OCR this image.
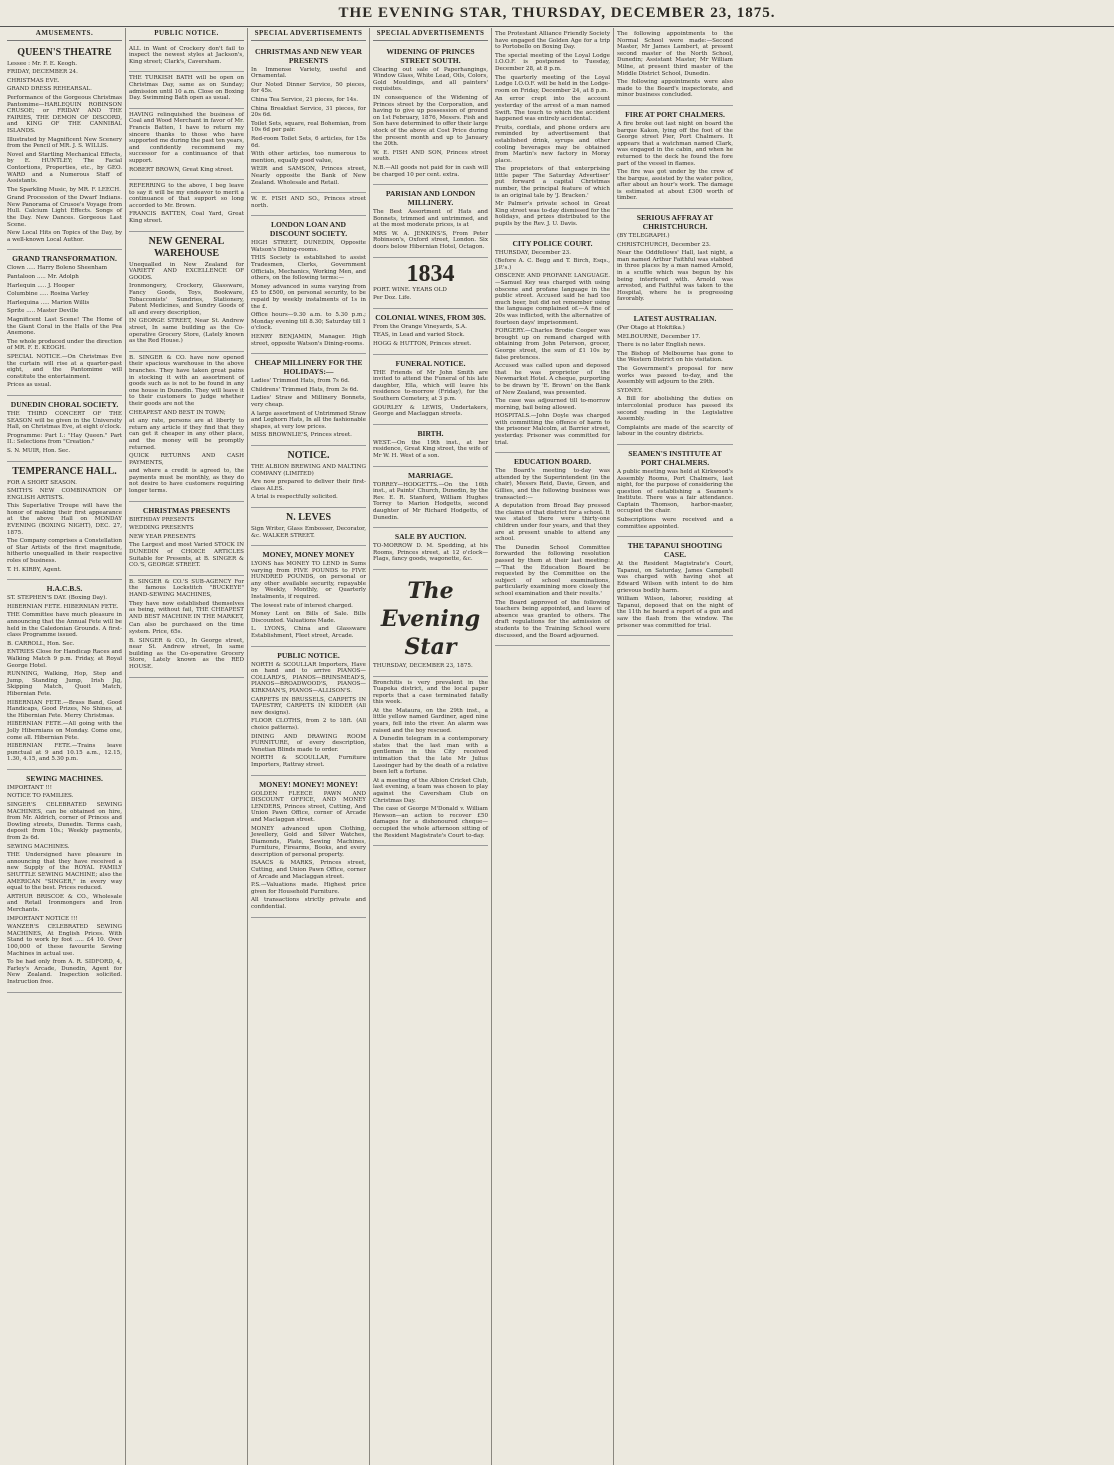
THE EVENING STAR, THURSDAY, DECEMBER 23, 1875.
AMUSEMENTS.
QUEEN'S THEATRE

Lessee : Mr. F. E. Keogh.

FRIDAY, DECEMBER 24.

CHRISTMAS EVE.

GRAND DRESS REHEARSAL.

Performance of the Gorgeous Christmas Pantomime—HARLEQUIN ROBINSON CRUSOE; or FRIDAY AND THE FAIRIES, THE DEMON OF DISCORD, and KING OF THE CANNIBAL ISLANDS.

Illustrated by Magnificent New Scenery from the Pencil of MR. J. S. WILLIS.

Novel and Startling Mechanical Effects, by E. HUNTLEY; The Facial Contortions, Properties, etc., by GEO. WARD and a Numerous Staff of Assistants.

The Sparkling Music, by MR. F. LEECH.

Grand Procession of the Dwarf Indians. New Panorama of Crusoe's Voyage from Hull. Calcium Light Effects. Songs of the Day. New Dances. Gorgeous Last Scene.

New Local Hits on Topics of the Day, by a well-known Local Author.

GRAND TRANSFORMATION.

Clown ..... Harry Boleno Sheenham

Pantaloon ..... Mr. Adolph

Harlequin ..... J. Hooper

Columbine ..... Rosina Varley

Harlequina ..... Marion Willis

Sprite ..... Master Deville

Magnificent Last Scene! The Home of the Giant Coral in the Halls of the Pea Anemone.

The whole produced under the direction of MR. F. E. KEOGH.

SPECIAL NOTICE.—On Christmas Eve the curtain will rise at a quarter-past eight, and the Pantomime will constitute the entertainment.

Prices as usual.

DUNEDIN CHORAL SOCIETY.

THE THIRD CONCERT OF THE SEASON will be given in the University Hall, on Christmas Eve, at eight o'clock.

Programme: Part I.: "Hay Queen." Part II.: Selections from "Creation."

S. N. MUIR, Hon. Sec.

TEMPERANCE HALL.

FOR A SHORT SEASON.

SMITH'S NEW COMBINATION OF ENGLISH ARTISTS.

This Superlative Troupe will have the honor of making their first appearance at the above Hall on MONDAY EVENING (BOXING NIGHT), DEC. 27, 1875.

The Company comprises a Constellation of Star Artists of the first magnitude, hitherto unequalled in their respective roles of business.

T. H. KIRBY, Agent.

H.A.C.B.S.

ST. STEPHEN'S DAY. (Boxing Day).

HIBERNIAN FETE. HIBERNIAN FETE.

THE Committee have much pleasure in announcing that the Annual Fete will be held in the Caledonian Grounds. A first-class Programme issued.

B. CARROLL, Hon. Sec.

ENTRIES Close for Handicap Races and Walking Match 9 p.m. Friday, at Royal George Hotel.

RUNNING, Walking, Hop, Step and Jump, Standing Jump, Irish Jig, Skipping Match, Quoit Match, Hibernian Fete.

HIBERNIAN FETE.—Brass Band, Good Handicaps, Good Prizes, No Shines, at the Hibernian Fete. Merry Christmas.

HIBERNIAN FETE.—All going with the Jolly Hibernians on Monday. Come one, come all. Hibernian Fete.

HIBERNIAN FETE.—Trains leave punctual at 9 and 10.15 a.m., 12.15, 1.30, 4.15, and 5.30 p.m.

SEWING MACHINES.

IMPORTANT !!!

NOTICE TO FAMILIES.

SINGER'S CELEBRATED SEWING MACHINES, can be obtained on hire, from Mr. Aldrich, corner of Princes and Dowling streets, Dunedin. Terms cash, deposit from 10s.; Weekly payments, from 2s 6d.

SEWING MACHINES.

THE Undersigned have pleasure in announcing that they have received a new Supply of the ROYAL FAMILY SHUTTLE SEWING MACHINE; also the AMERICAN "SINGER," in every way equal to the best. Prices reduced.

ARTHUR BRISCOE & CO., Wholesale and Retail Ironmongers and Iron Merchants.

IMPORTANT NOTICE !!!

WANZER'S CELEBRATED SEWING MACHINES, At English Prices. With Stand to work by foot ..... £4 10. Over 100,000 of these favourite Sewing Machines in actual use.

To be had only from A. R. SIDFORD, 4, Farley's Arcade, Dunedin, Agent for New Zealand. Inspection solicited. Instruction free.

PUBLIC NOTICE.

ALL in Want of Crockery don't fail to inspect the newest styles at Jackson's, King street; Clark's, Caversham.

THE TURKISH BATH will be open on Christmas Day, same as on Sunday; admission until 10 a.m. Close on Boxing Day. Swimming Bath open as usual.

HAVING relinquished the business of Coal and Wood Merchant in favor of Mr. Francis Batten, I have to return my sincere thanks to those who have supported me during the past ten years, and confidently recommend my successor for a continuance of that support.

ROBERT BROWN, Great King street.

REFERRING to the above, I beg leave to say it will be my endeavor to merit a continuance of that support so long accorded to Mr. Brown.

FRANCIS BATTEN, Coal Yard, Great King street.

NEW GENERAL WAREHOUSE

Unequalled in New Zealand for VARIETY AND EXCELLENCE OF GOODS.

Ironmongery, Crockery, Glassware, Fancy Goods, Toys, Bookware, Tobacconists' Sundries, Stationery, Patent Medicines, and Sundry Goods of all and every description,

IN GEORGE STREET, Near St. Andrew street, In same building as the Co-operative Grocery Store, (Lately known as the Red House.)

B. SINGER & CO. have now opened their spacious warehouse in the above branches. They have taken great pains in stocking it with an assortment of goods such as is not to be found in any one house in Dunedin. They will leave it to their customers to judge whether their goods are not the

CHEAPEST AND BEST IN TOWN;

at any rate, persons are at liberty to return any article if they find that they can get it cheaper in any other place, and the money will be promptly returned.

QUICK RETURNS AND CASH PAYMENTS,

and where a credit is agreed to, the payments must be monthly, as they do not desire to have customers requiring longer terms.

CHRISTMAS PRESENTS

BIRTHDAY PRESENTS

WEDDING PRESENTS

NEW YEAR PRESENTS

The Largest and most Varied STOCK IN DUNEDIN of CHOICE ARTICLES Suitable for Presents, at B. SINGER & CO.'S, GEORGE STREET.

B. SINGER & CO.'S SUB-AGENCY For the famous Lockstitch "BUCKEYE" HAND-SEWING MACHINES,

They have now established themselves as being, without fail, THE CHEAPEST AND BEST MACHINE IN THE MARKET,

Can also be purchased on the time system. Price, 65s.

B. SINGER & CO., In George street, near St. Andrew street, In same building as the Co-operative Grocery Store, Lately known as the RED HOUSE.

SPECIAL ADVERTISEMENTS
CHRISTMAS AND NEW YEAR PRESENTS

In Immense Variety, useful and Ornamental.

Our Noted Dinner Service, 50 pieces, for 45s.

China Tea Service, 21 pieces, for 14s.

China Breakfast Service, 31 pieces, for 20s 6d.

Toilet Sets, square, real Bohemian, from 10s 6d per pair.

Red-room Toilet Sets, 6 articles, for 15s 6d.

With other articles, too numerous to mention, equally good value,

WEIR and SAMSON, Princes street, Nearly opposite the Bank of New Zealand. Wholesale and Retail.

W. E. FISH AND SO., Princes street north.

LONDON LOAN AND DISCOUNT SOCIETY.

HIGH STREET, DUNEDIN, Opposite Watson's Dining-rooms.

THIS Society is established to assist Tradesmen, Clerks, Government Officials, Mechanics, Working Men, and others, on the following terms:—

Money advanced in sums varying from £5 to £500, on personal security, to be repaid by weekly instalments of 1s in the £.

Office hours—9.30 a.m. to 5.30 p.m.; Monday evening till 8.30; Saturday till 1 o'clock.

HENRY BENJAMIN, Manager. High street, opposite Watson's Dining-rooms.

CHEAP MILLINERY FOR THE HOLIDAYS:—

Ladies' Trimmed Hats, from 7s 6d.

Childrens' Trimmed Hats, from 3s 6d.

Ladies' Straw and Millinery Bonnets, very cheap.

A large assortment of Untrimmed Straw and Leghorn Hats, In all the fashionable shapes, at very low prices.

MISS BROWNLIE'S, Princes street.

NOTICE.

THE ALBION BREWING AND MALTING COMPANY (LIMITED)

Are now prepared to deliver their first-class ALES.

A trial is respectfully solicited.

N. LEVES

Sign Writer, Glass Embosser, Decorator, &c. WALKER STREET.

MONEY, MONEY MONEY

LYONS has MONEY TO LEND in Sums varying from FIVE POUNDS to FIVE HUNDRED POUNDS, on personal or any other available security, repayable by Weekly, Monthly, or Quarterly Instalments, if required.

The lowest rate of interest charged.

Money Lent on Bills of Sale. Bills Discounted. Valuations Made.

L. LYONS, China and Glassware Establishment, Fleet street, Arcade.

PUBLIC NOTICE.

NORTH & SCOULLAR Importers, Have on hand and to arrive PIANOS—COLLARD'S, PIANOS—BRINSMEAD'S, PIANOS—BROADWOOD'S, PIANOS—KIRKMAN'S, PIANOS—ALLISON'S.

CARPETS IN BRUSSELS, CARPETS IN TAPESTRY, CARPETS IN KIDDER (All new designs).

FLOOR CLOTHS, from 2 to 18ft. (All choice patterns).

DINING AND DRAWING ROOM FURNITURE, of every description, Venetian Blinds made to order.

NORTH & SCOULLAR, Furniture Importers, Rattray street.

MONEY! MONEY! MONEY!

GOLDEN FLEECE PAWN AND DISCOUNT OFFICE, AND MONEY LENDERS, Princes street, Cutting, And Union Pawn Office, corner of Arcade and Maclaggan street.

MONEY advanced upon Clothing, Jewellery, Gold and Silver Watches, Diamonds, Plate, Sewing Machines, Furniture, Firearms, Books, and every description of personal property.

ISAACS & MARKS, Princes street, Cutting, and Union Pawn Office, corner of Arcade and Maclaggan street.

P.S.—Valuations made. Highest price given for Household Furniture.

All transactions strictly private and confidential.

SPECIAL ADVERTISEMENTS
WIDENING OF PRINCES STREET SOUTH.

Clearing out sale of Paperhangings, Window Glass, White Lead, Oils, Colors, Gold Mouldings, and all painters' requisites.

IN consequence of the Widening of Princes street by the Corporation, and having to give up possession of ground on 1st February, 1876, Messrs. Fish and Son have determined to offer their large stock of the above at Cost Price during the present month and up to January the 20th.

W. E. FISH AND SON, Princes street south.

N.B.—All goods not paid for in cash will be charged 10 per cent. extra.

PARISIAN AND LONDON MILLINERY.

The Best Assortment of Hats and Bonnets, trimmed and untrimmed, and at the most moderate prices, is at

MRS W. A. JENKINS'S, From Peter Robinson's, Oxford street, London. Six doors below Hibernian Hotel, Octagon.

1834

PORT. WINE. YEARS OLD

Per Doz. Life.

COLONIAL WINES, FROM 30S.

From the Orange Vineyards, S.A.

TEAS, in Lead and varied Stock.

HOGG & HUTTON, Princes street.

FUNERAL NOTICE.

THE Friends of Mr John Smith are invited to attend the Funeral of his late daughter, Ella, which will leave his residence to-morrow (Friday), for the Southern Cemetery, at 3 p.m.

GOURLEY & LEWIS, Undertakers, George and Maclaggan streets.

BIRTH.

WEST.—On the 19th inst., at her residence, Great King street, the wife of Mr W. H. West of a son.

MARRIAGE.

TORREY—HODGETTS.—On the 16th inst., at Paints' Church, Dunedin, by the Rev. E. R. Stanford, William Hughes Torrey to Marion Hodgetts, second daughter of Mr Richard Hodgetts, of Dunedin.

SALE BY AUCTION.

TO-MORROW D. M. Spedding, at his Rooms, Princes street, at 12 o'clock—Flags, fancy goods, wagonette, &c.

The Evening Star

THURSDAY, DECEMBER 23, 1875.

Bronchitis is very prevalent in the Tuapeka district, and the local paper reports that a case terminated fatally this week.

At the Mataura, on the 29th inst., a little yellow named Gardiner, aged nine years, fell into the river. An alarm was raised and the boy rescued.

A Dunedin telegram in a contemporary states that the last man with a gentleman in this City received intimation that the late Mr Julius Lassinger had by the death of a relative been left a fortune.

At a meeting of the Albion Cricket Club, last evening, a team was chosen to play against the Caversham Club on Christmas Day.

The case of George M'Donald v. William Hewson—an action to recover £50 damages for a dishonoured cheque—occupied the whole afternoon sitting of the Resident Magistrate's Court to-day.

The Protestant Alliance Friendly Society have engaged the Golden Age for a trip to Portobello on Boxing Day.

The special meeting of the Loyal Lodge I.O.O.F. is postponed to Tuesday, December 28, at 8 p.m.

The quarterly meeting of the Loyal Lodge I.O.O.F. will be held in the Lodge-room on Friday, December 24, at 8 p.m.

An error crept into the account yesterday of the arrest of a man named Swift. The touch to which the accident happened was entirely accidental.

Fruits, cordials, and phone orders are reminded by advertisement that established drink, syrups and other cooling beverages may be obtained from Martin's new factory in Moray place.

The proprietors of that enterprising little paper 'The Saturday Advertiser' put forward a capital Christmas number, the principal feature of which is an original tale by 'J. Bracken.'

Mr Palmer's private school in Great King street was to-day dismissed for the holidays, and prizes distributed to the pupils by the Rev. J. U. Davis.

CITY POLICE COURT.

THURSDAY, December 23.

(Before A. C. Begg and T. Birch, Esqs., J.P.'s.)

OBSCENE AND PROFANE LANGUAGE.—Samuel Key was charged with using obscene and profane language in the public street. Accused said he had too much beer, but did not remember using the language complained of.—A fine of 20s was inflicted, with the alternative of fourteen days' imprisonment.

FORGERY.—Charles Brodie Cooper was brought up on remand charged with obtaining from John Peterson, grocer, George street, the sum of £1 10s by false pretences.

Accused was called upon and deposed that he was proprietor of the Newmarket Hotel. A cheque, purporting to be drawn by 'E. Brown' on the Bank of New Zealand, was presented.

The case was adjourned till to-morrow morning, bail being allowed.

HOSPITALS.—John Doyle was charged with committing the offence of harm to the prisoner Malcolm, at Barrier street, yesterday. Prisoner was committed for trial.

EDUCATION BOARD.

The Board's meeting to-day was attended by the Superintendent (in the chair), Messrs Reid, Davie, Green, and Gillies, and the following business was transacted:—

A deputation from Broad Bay pressed the claims of that district for a school. It was stated there were thirty-one children under four years, and that they are at present unable to attend any school.

The Dunedin School Committee forwarded the following resolution passed by them at their last meeting:—'That the Education Board be requested by the Committee on the subject of school examinations, particularly examining more closely the school examination and their results.'

The Board approved of the following teachers being appointed, and leave of absence was granted to others. The draft regulations for the admission of students to the Training School were discussed, and the Board adjourned.

The following appointments to the Normal School were made:—Second Master, Mr James Lambert, at present second master of the North School, Dunedin; Assistant Master, Mr William Milne, at present third master of the Middle District School, Dunedin.

The following appointments were also made to the Board's inspectorate, and minor business concluded.

FIRE AT PORT CHALMERS.

A fire broke out last night on board the barque Kakon, lying off the foot of the George street Pier, Port Chalmers. It appears that a watchman named Clark, was engaged in the cabin, and when he returned to the deck he found the fore part of the vessel in flames.

The fire was got under by the crew of the barque, assisted by the water police, after about an hour's work. The damage is estimated at about £300 worth of timber.

SERIOUS AFFRAY AT CHRISTCHURCH.

(BY TELEGRAPH.)

CHRISTCHURCH, December 23.

Near the Oddfellows' Hall, last night, a man named Arthur Faithful was stabbed in three places by a man named Arnold, in a scuffle which was begun by his being interfered with. Arnold was arrested, and Faithful was taken to the Hospital, where he is progressing favorably.

LATEST AUSTRALIAN.

(Per Otago at Hokitika.)

MELBOURNE, December 17.

There is no later English news.

The Bishop of Melbourne has gone to the Western District on his visitation.

The Government's proposal for new works was passed to-day, and the Assembly will adjourn to the 29th.

SYDNEY.

A Bill for abolishing the duties on intercolonial produce has passed its second reading in the Legislative Assembly.

Complaints are made of the scarcity of labour in the country districts.

SEAMEN'S INSTITUTE AT PORT CHALMERS.

A public meeting was held at Kirkwood's Assembly Rooms, Port Chalmers, last night, for the purpose of considering the question of establishing a Seamen's Institute. There was a fair attendance. Captain Thomson, harbor-master, occupied the chair.

Subscriptions were received and a committee appointed.

THE TAPANUI SHOOTING CASE.

At the Resident Magistrate's Court, Tapanui, on Saturday, James Campbell was charged with having shot at Edward Wilson with intent to do him grievous bodily harm.

William Wilson, laborer, residing at Tapanui, deposed that on the night of the 11th he heard a report of a gun and saw the flash from the window. The prisoner was committed for trial.
